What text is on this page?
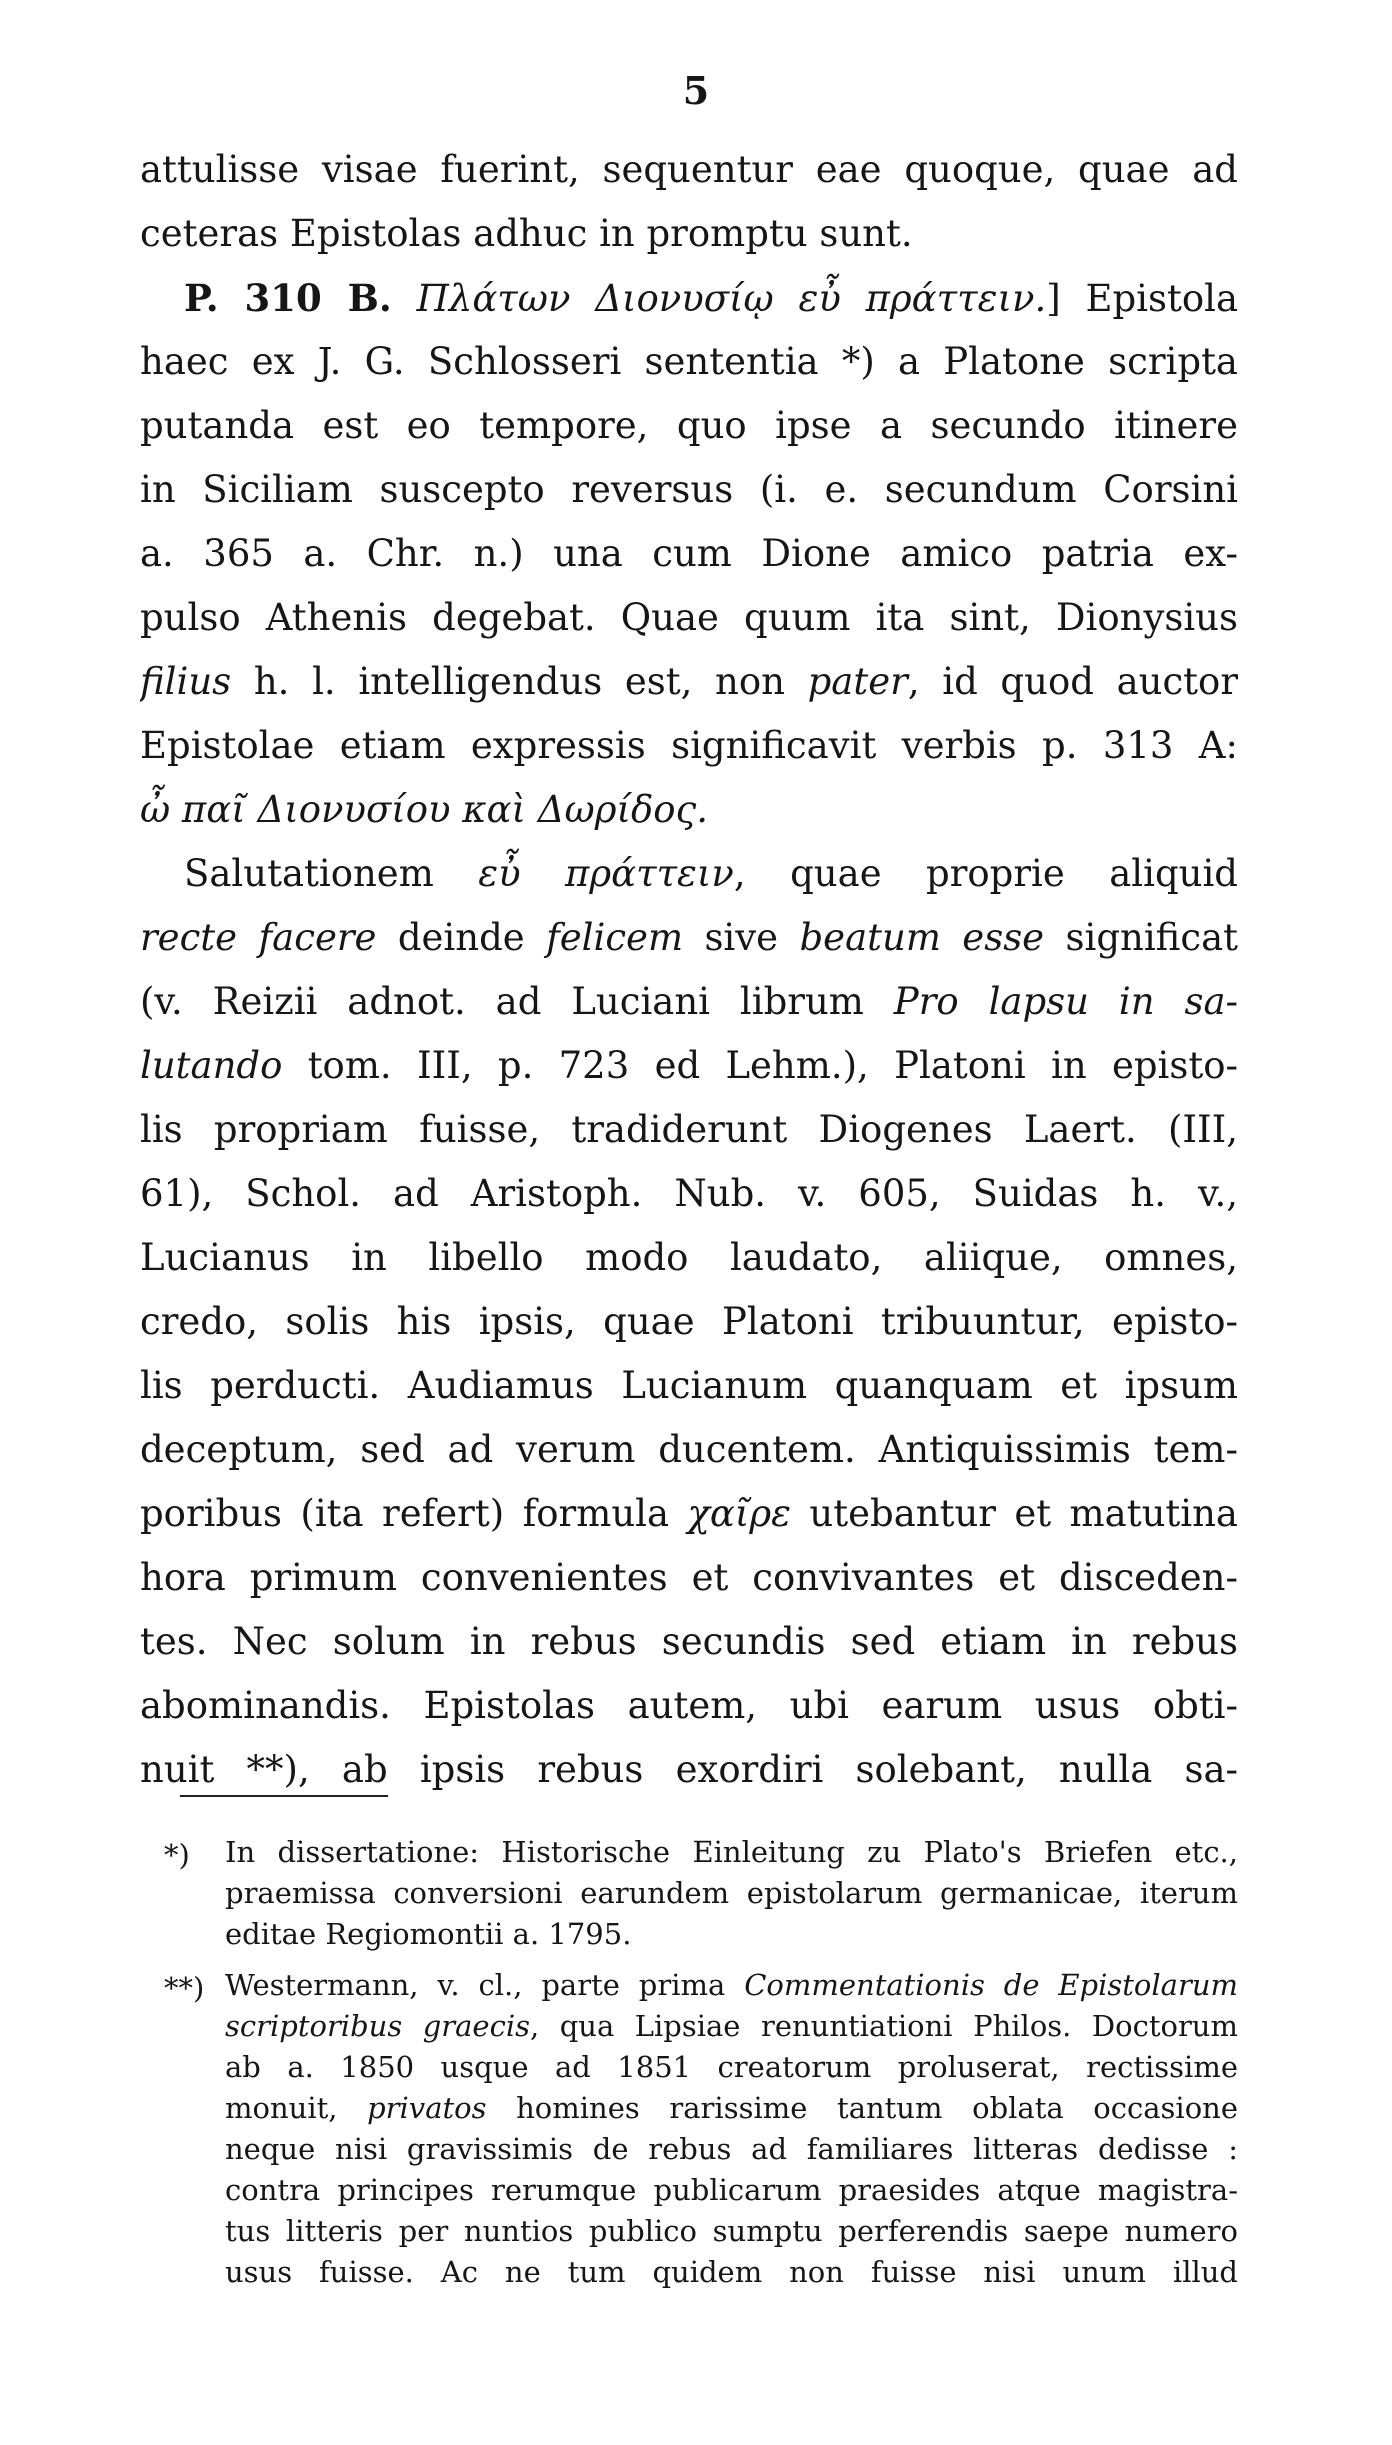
5
attulisse visae fuerint, sequentur eae quoque, quae ad
ceteras Epistolas adhuc in promptu sunt.
P. 310 B. Πλάτων Διονυσίῳ εὖ πράττειν.] Epistola
haec ex J. G. Schlosseri sententia *) a Platone scripta
putanda est eo tempore, quo ipse a secundo itinere
in Siciliam suscepto reversus (i. e. secundum Corsini
a. 365 a. Chr. n.) una cum Dione amico patria ex-
pulso Athenis degebat. Quae quum ita sint, Dionysius
filius h. l. intelligendus est, non pater, id quod auctor
Epistolae etiam expressis significavit verbis p. 313 A:
ὦ παῖ Διονυσίου καὶ Δωρίδος.
Salutationem εὖ πράττειν, quae proprie aliquid
recte facere deinde felicem sive beatum esse significat
(v. Reizii adnot. ad Luciani librum Pro lapsu in sa-
lutando tom. III, p. 723 ed Lehm.), Platoni in episto-
lis propriam fuisse, tradiderunt Diogenes Laert. (III,
61), Schol. ad Aristoph. Nub. v. 605, Suidas h. v.,
Lucianus in libello modo laudato, aliique, omnes,
credo, solis his ipsis, quae Platoni tribuuntur, episto-
lis perducti. Audiamus Lucianum quanquam et ipsum
deceptum, sed ad verum ducentem. Antiquissimis tem-
poribus (ita refert) formula χαῖρε utebantur et matutina
hora primum convenientes et convivantes et disceden-
tes. Nec solum in rebus secundis sed etiam in rebus
abominandis. Epistolas autem, ubi earum usus obti-
nuit **), ab ipsis rebus exordiri solebant, nulla sa-
*) In dissertatione: Historische Einleitung zu Plato's Briefen etc.,
praemissa conversioni earundem epistolarum germanicae, iterum
editae Regiomontii a. 1795.
**) Westermann, v. cl., parte prima Commentationis de Epistolarum
scriptoribus graecis, qua Lipsiae renuntiationi Philos. Doctorum
ab a. 1850 usque ad 1851 creatorum proluserat, rectissime
monuit, privatos homines rarissime tantum oblata occasione
neque nisi gravissimis de rebus ad familiares litteras dedisse :
contra principes rerumque publicarum praesides atque magistra-
tus litteris per nuntios publico sumptu perferendis saepe numero
usus fuisse. Ac ne tum quidem non fuisse nisi unum illud
